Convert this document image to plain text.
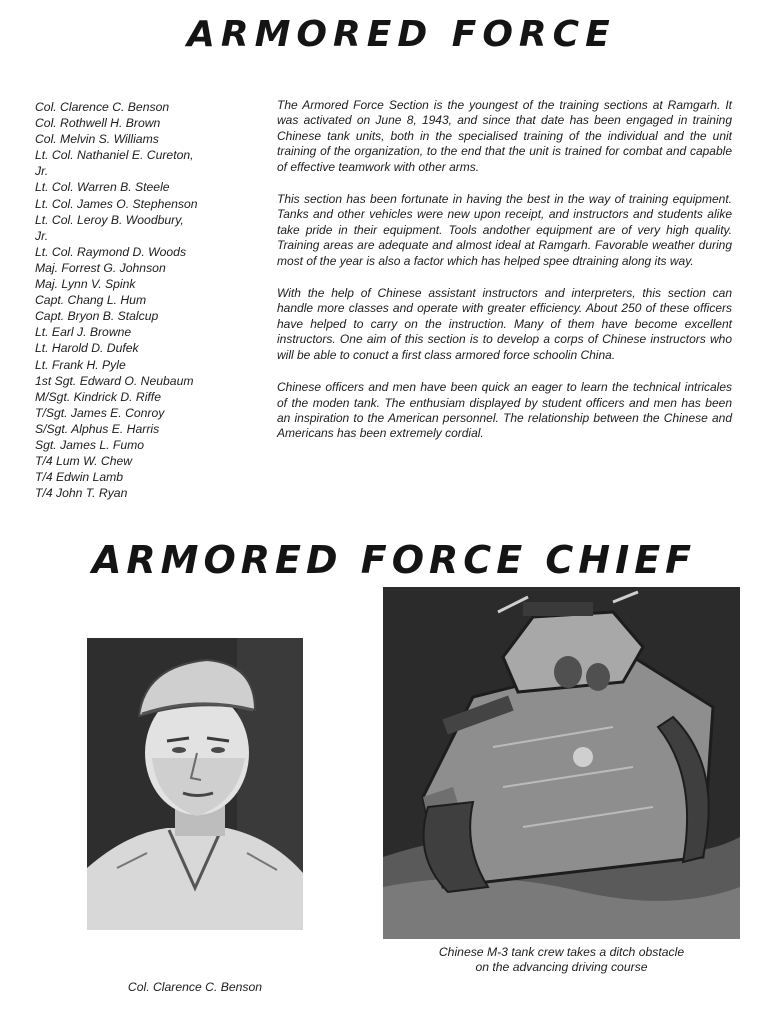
ARMORED FORCE
Col. Clarence C. Benson
Col. Rothwell H. Brown
Col. Melvin S. Williams
Lt. Col. Nathaniel E. Cureton,
Jr.
Lt. Col. Warren B. Steele
Lt. Col. James O. Stephenson
Lt. Col. Leroy B. Woodbury,
Jr.
Lt. Col. Raymond D. Woods
Maj. Forrest G. Johnson
Maj. Lynn V. Spink
Capt. Chang L. Hum
Capt. Bryon B. Stalcup
Lt. Earl J. Browne
Lt. Harold D. Dufek
Lt. Frank H. Pyle
1st Sgt. Edward O. Neubaum
M/Sgt. Kindrick D. Riffe
T/Sgt. James E. Conroy
S/Sgt. Alphus E. Harris
Sgt. James L. Fumo
T/4 Lum W. Chew
T/4 Edwin Lamb
T/4 John T. Ryan

The Armored Force Section is the youngest of the training sections at Ramgarh. It was activated on June 8, 1943, and since that date has been engaged in training Chinese tank units, both in the specialised training of the individual and the unit training of the organization, to the end that the unit is trained for combat and capable of effective teamwork with other arms.

This section has been fortunate in having the best in the way of training equipment. Tanks and other vehicles were new upon receipt, and instructors and students alike take pride in their equipment. Tools andother equipment are of very high quality. Training areas are adequate and almost ideal at Ramgarh. Favorable weather during most of the year is also a factor which has helped spee dtraining along its way.

With the help of Chinese assistant instructors and interpreters, this section can handle more classes and operate with greater efficiency. About 250 of these officers have helped to carry on the instruction. Many of them have become excellent instructors. One aim of this section is to develop a corps of Chinese instructors who will be able to conuct a first class armored force schoolin China.

Chinese officers and men have been quick an eager to learn the technical intricales of the moden tank. The enthusiam displayed by student officers and men has been an inspiration to the American personnel. The relationship between the Chinese and Americans has been extremely cordial.

ARMORED FORCE CHIEF
Chinese M-3 tank crew takes a ditch obstacle
on the advancing driving course
Col. Clarence C. Benson
